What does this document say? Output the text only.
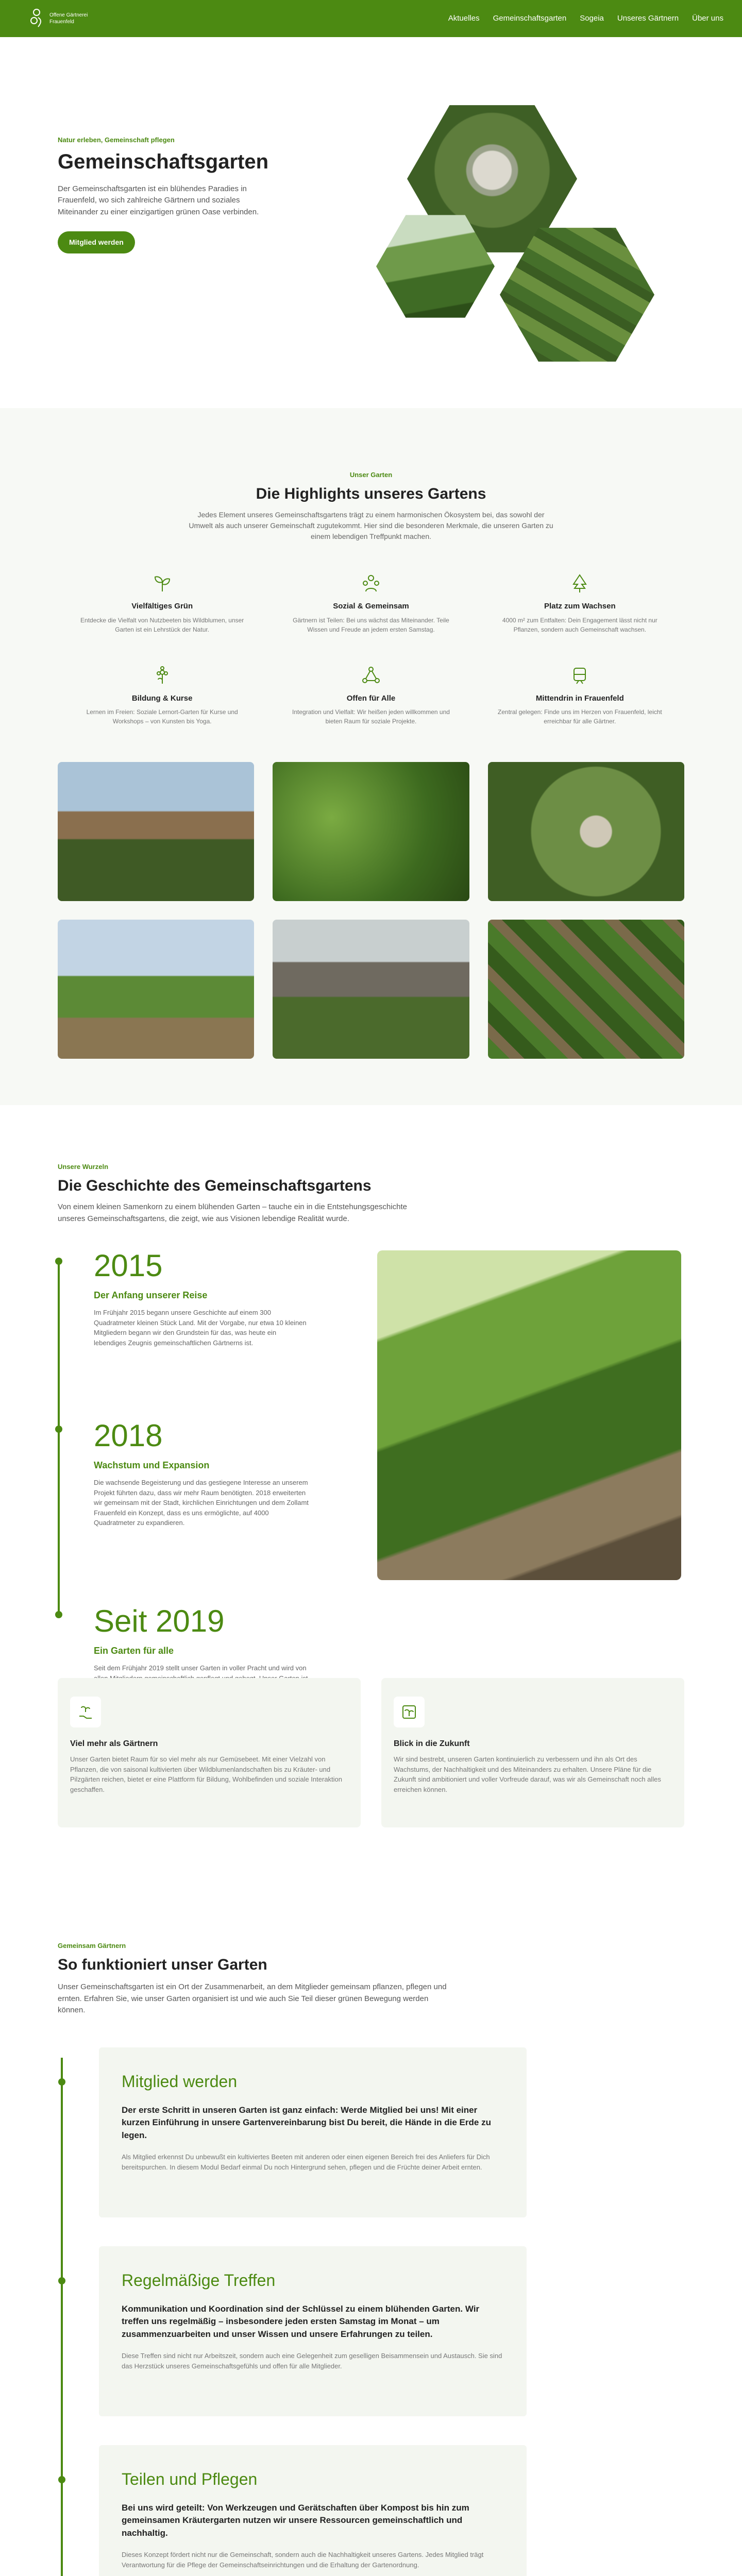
Offene Gärtnerei Frauenfeld	Aktuelles Gemeinschaftsgarten Sogeia Unseres Gärtnern Über uns
Natur erleben, Gemeinschaft pflegen
Gemeinschaftsgarten

Der Gemeinschaftsgarten ist ein blühendes Paradies in Frauenfeld, wo sich zahlreiche Gärtnern und soziales Miteinander zu einer einzigartigen grünen Oase verbinden.

Mitglied werden
Unser Garten
Die Highlights unseres Gartens

Jedes Element unseres Gemeinschaftsgartens trägt zu einem harmonischen Ökosystem bei, das sowohl der Umwelt als auch unserer Gemeinschaft zugutekommt. Hier sind die besonderen Merkmale, die unseren Garten zu einem lebendigen Treffpunkt machen.

Vielfältiges Grün

Entdecke die Vielfalt von Nutzbeeten bis Wildblumen, unser Garten ist ein Lehrstück der Natur.

Sozial & Gemeinsam

Gärtnern ist Teilen: Bei uns wächst das Miteinander. Teile Wissen und Freude an jedem ersten Samstag.

Platz zum Wachsen

4000 m² zum Entfalten: Dein Engagement lässt nicht nur Pflanzen, sondern auch Gemeinschaft wachsen.

Bildung & Kurse

Lernen im Freien: Soziale Lernort-Garten für Kurse und Workshops – von Kunsten bis Yoga.

Offen für Alle

Integration und Vielfalt: Wir heißen jeden willkommen und bieten Raum für soziale Projekte.

Mittendrin in Frauenfeld

Zentral gelegen: Finde uns im Herzen von Frauenfeld, leicht erreichbar für alle Gärtner.

Unsere Wurzeln
Die Geschichte des Gemeinschaftsgartens

Von einem kleinen Samenkorn zu einem blühenden Garten – tauche ein in die Entstehungsgeschichte unseres Gemeinschaftsgartens, die zeigt, wie aus Visionen lebendige Realität wurde.

2015
Der Anfang unserer Reise

Im Frühjahr 2015 begann unsere Geschichte auf einem 300 Quadratmeter kleinen Stück Land. Mit der Vorgabe, nur etwa 10 kleinen Mitgliedern begann wir den Grundstein für das, was heute ein lebendiges Zeugnis gemeinschaftlichen Gärtnerns ist.

2018
Wachstum und Expansion

Die wachsende Begeisterung und das gestiegene Interesse an unserem Projekt führten dazu, dass wir mehr Raum benötigten. 2018 erweiterten wir gemeinsam mit der Stadt, kirchlichen Einrichtungen und dem Zollamt Frauenfeld ein Konzept, dass es uns ermöglichte, auf 4000 Quadratmeter zu expandieren.

Seit 2019
Ein Garten für alle

Seit dem Frühjahr 2019 stellt unser Garten in voller Pracht und wird von

Viel mehr als Gärtnern

Unser Garten bietet Raum für so viel mehr als nur Gemüsebeet. Mit einer Vielzahl von Pflanzen, die von saisonal kultivierten über Wildblumenlandschaften bis zu Kräuter- und Pilzgärten reichen, bietet er eine Plattform für Bildung, Wohlbefinden und soziale Interaktion geschaffen.

Blick in die Zukunft

Wir sind bestrebt, unseren Garten kontinuierlich zu verbessern und ihn als Ort des Wachstums, der Nachhaltigkeit und des Miteinanders zu erhalten. Unsere Pläne für die Zukunft sind ambitioniert und voller Vorfreude darauf, was wir als Gemeinschaft noch alles erreichen können.

Gemeinsam Gärtnern
So funktioniert unser Garten

Unser Gemeinschaftsgarten ist ein Ort der Zusammenarbeit, an dem Mitglieder gemeinsam pflanzen, pflegen und ernten. Erfahren Sie, wie unser Garten organisiert ist und wie auch Sie Teil dieser grünen Bewegung werden können.

Mitglied werden

Der erste Schritt in unseren Garten ist ganz einfach: Werde Mitglied bei uns! Mit einer kurzen Einführung in unsere Gartenvereinbarung bist Du bereit, die Hände in die Erde zu legen.

Als Mitglied erkennst Du unbewußt ein kultiviertes Beeten mit anderen oder einen eigenen Bereich frei des Anliefers für Dich bereitspurchen. In diesem Modul Bedarf einmal Du noch Hintergrund sehen, pflegen und die Früchte deiner Arbeit ernten.

Regelmäßige Treffen

Kommunikation und Koordination sind der Schlüssel zu einem blühenden Garten. Wir treffen uns regelmäßig – insbesondere jeden ersten Samstag im Monat – um zusammenzuarbeiten und unser Wissen und unsere Erfahrungen zu teilen.

Diese Treffen sind nicht nur Arbeitszeit, sondern auch eine Gelegenheit zum geselligen Beisammensein und Austausch. Sie sind das Herzstück unseres Gemeinschaftsgefühls und offen für alle Mitglieder.

Teilen und Pflegen

Bei uns wird geteilt: Von Werkzeugen und Gerätschaften über Kompost bis hin zum gemeinsamen Kräutergarten nutzen wir unsere Ressourcen gemeinschaftlich und nachhaltig.

Dieses Konzept fördert nicht nur die Gemeinschaft, sondern auch die Nachhaltigkeit unseres Gartens. Jedes Mitglied trägt Verantwortung für die Pflege der Gemeinschaftseinrichtungen und die Erhaltung der Gartenordnung.
